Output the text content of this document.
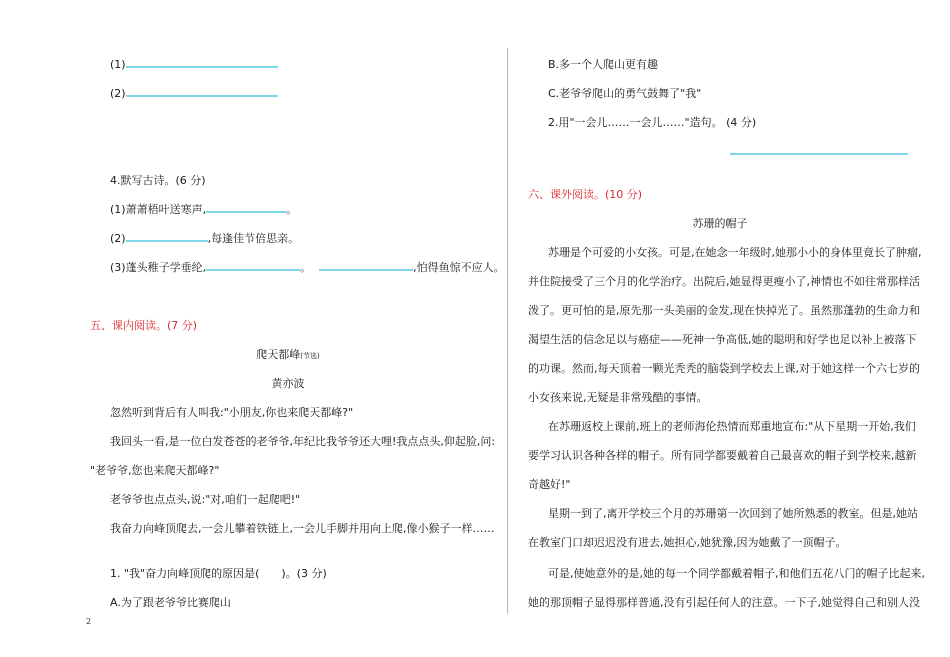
(1)
(2)
4.默写古诗。(6 分)
(1)萧萧梧叶送寒声,	。
(2)	,每逢佳节倍思亲。
(3)蓬头稚子学垂纶,	。	,怕得鱼惊不应人。
五、课内阅读。(7 分)
爬天都峰(节选)
黄亦波
忽然听到背后有人叫我:"小朋友,你也来爬天都峰?"
我回头一看,是一位白发苍苍的老爷爷,年纪比我爷爷还大哩!我点点头,仰起脸,问:
"老爷爷,您也来爬天都峰?"
老爷爷也点点头,说:"对,咱们一起爬吧!"
我奋力向峰顶爬去,一会儿攀着铁链上,一会儿手脚并用向上爬,像小猴子一样……
1. "我"奋力向峰顶爬的原因是( )。(3 分)
A.为了跟老爷爷比赛爬山
B.多一个人爬山更有趣
C.老爷爷爬山的勇气鼓舞了"我"
2.用"一会儿……一会儿……"造句。 (4 分)
六、课外阅读。(10 分)
苏珊的帽子
苏珊是个可爱的小女孩。可是,在她念一年级时,她那小小的身体里竟长了肿瘤,
并住院接受了三个月的化学治疗。出院后,她显得更瘦小了,神情也不如往常那样活
泼了。更可怕的是,原先那一头美丽的金发,现在快掉光了。虽然那蓬勃的生命力和
渴望生活的信念足以与癌症——死神一争高低,她的聪明和好学也足以补上被落下
的功课。然而,每天顶着一颗光秃秃的脑袋到学校去上课,对于她这样一个六七岁的
小女孩来说,无疑是非常残酷的事情。
在苏珊返校上课前,班上的老师海伦热情而郑重地宣布:"从下星期一开始,我们
要学习认识各种各样的帽子。所有同学都要戴着自己最喜欢的帽子到学校来,越新
奇越好!"
星期一到了,离开学校三个月的苏珊第一次回到了她所熟悉的教室。但是,她站
在教室门口却迟迟没有进去,她担心,她犹豫,因为她戴了一顶帽子。
可是,使她意外的是,她的每一个同学都戴着帽子,和他们五花八门的帽子比起来,
她的那顶帽子显得那样普通,没有引起任何人的注意。一下子,她觉得自己和别人没
2
